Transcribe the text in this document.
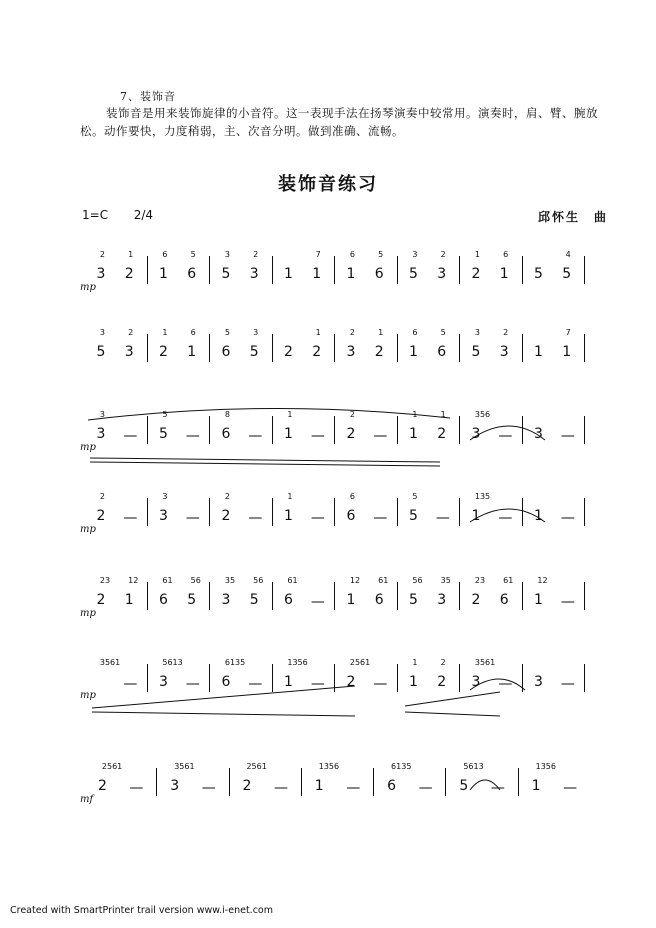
7、装饰音
装饰音是用来装饰旋律的小音符。这一表现手法在扬琴演奏中较常用。演奏时，肩、臂、腕放松。动作要快，力度稍弱，主、次音分明。做到准确、流畅。
装饰音练习
1=C 2/4	邱怀生　曲
mp
2
3
1
2
6
1
5
6
3
5
2
3 1
7
1
6
1
5
6
3
5
2
3
1
2
6
1 5
4
5
3
5
2
3
1
2
6
1
5
6
3
5 2
1
2
2
3
1
2
6
1
5
6
3
5
2
3 1
7
1
mp
3
3 —
5
5 —
8
6 —
1
1 —
2
2 —
1
1
1
2
356
3 — 3 —
mp
2
2 —
3
3 —
2
2 —
1
1 —
6
6 —
5
5 —
135
1 — 1 —
mp
23
2
12
1
61
6
56
5
35
3
56
5
61
6 —
12
1
61
6
56
5
35
3
23
2
61
6
12
1 —
mp
3561
—
5613
3 —
6135
6 —
1356
1 —
2561
2 —
1
1
2
2
3561
3 — 3 —
mf
2561
2 —
3561
3 —
2561
2 —
1356
1 —
6135
6 —
5613
5 —
1356
1 —
Created with SmartPrinter trail version www.i-enet.com
